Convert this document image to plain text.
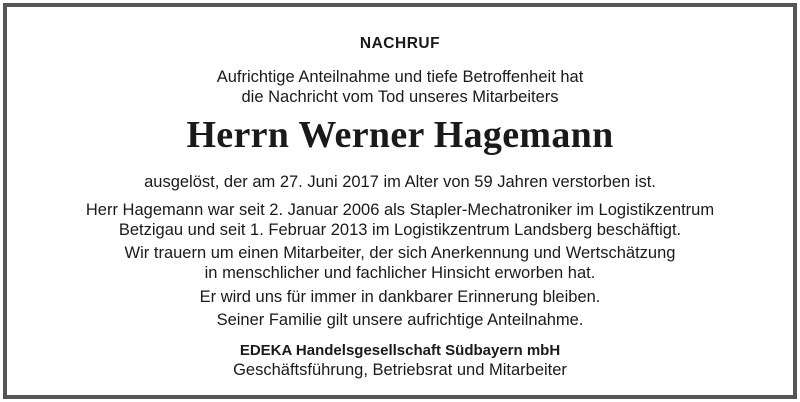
NACHRUF
Aufrichtige Anteilnahme und tiefe Betroffenheit hat
die Nachricht vom Tod unseres Mitarbeiters
Herrn Werner Hagemann
ausgelöst, der am 27. Juni 2017 im Alter von 59 Jahren verstorben ist.
Herr Hagemann war seit 2. Januar 2006 als Stapler-Mechatroniker im Logistikzentrum
Betzigau und seit 1. Februar 2013 im Logistikzentrum Landsberg beschäftigt.
Wir trauern um einen Mitarbeiter, der sich Anerkennung und Wertschätzung
in menschlicher und fachlicher Hinsicht erworben hat.
Er wird uns für immer in dankbarer Erinnerung bleiben.
Seiner Familie gilt unsere aufrichtige Anteilnahme.
EDEKA Handelsgesellschaft Südbayern mbH
Geschäftsführung, Betriebsrat und Mitarbeiter
